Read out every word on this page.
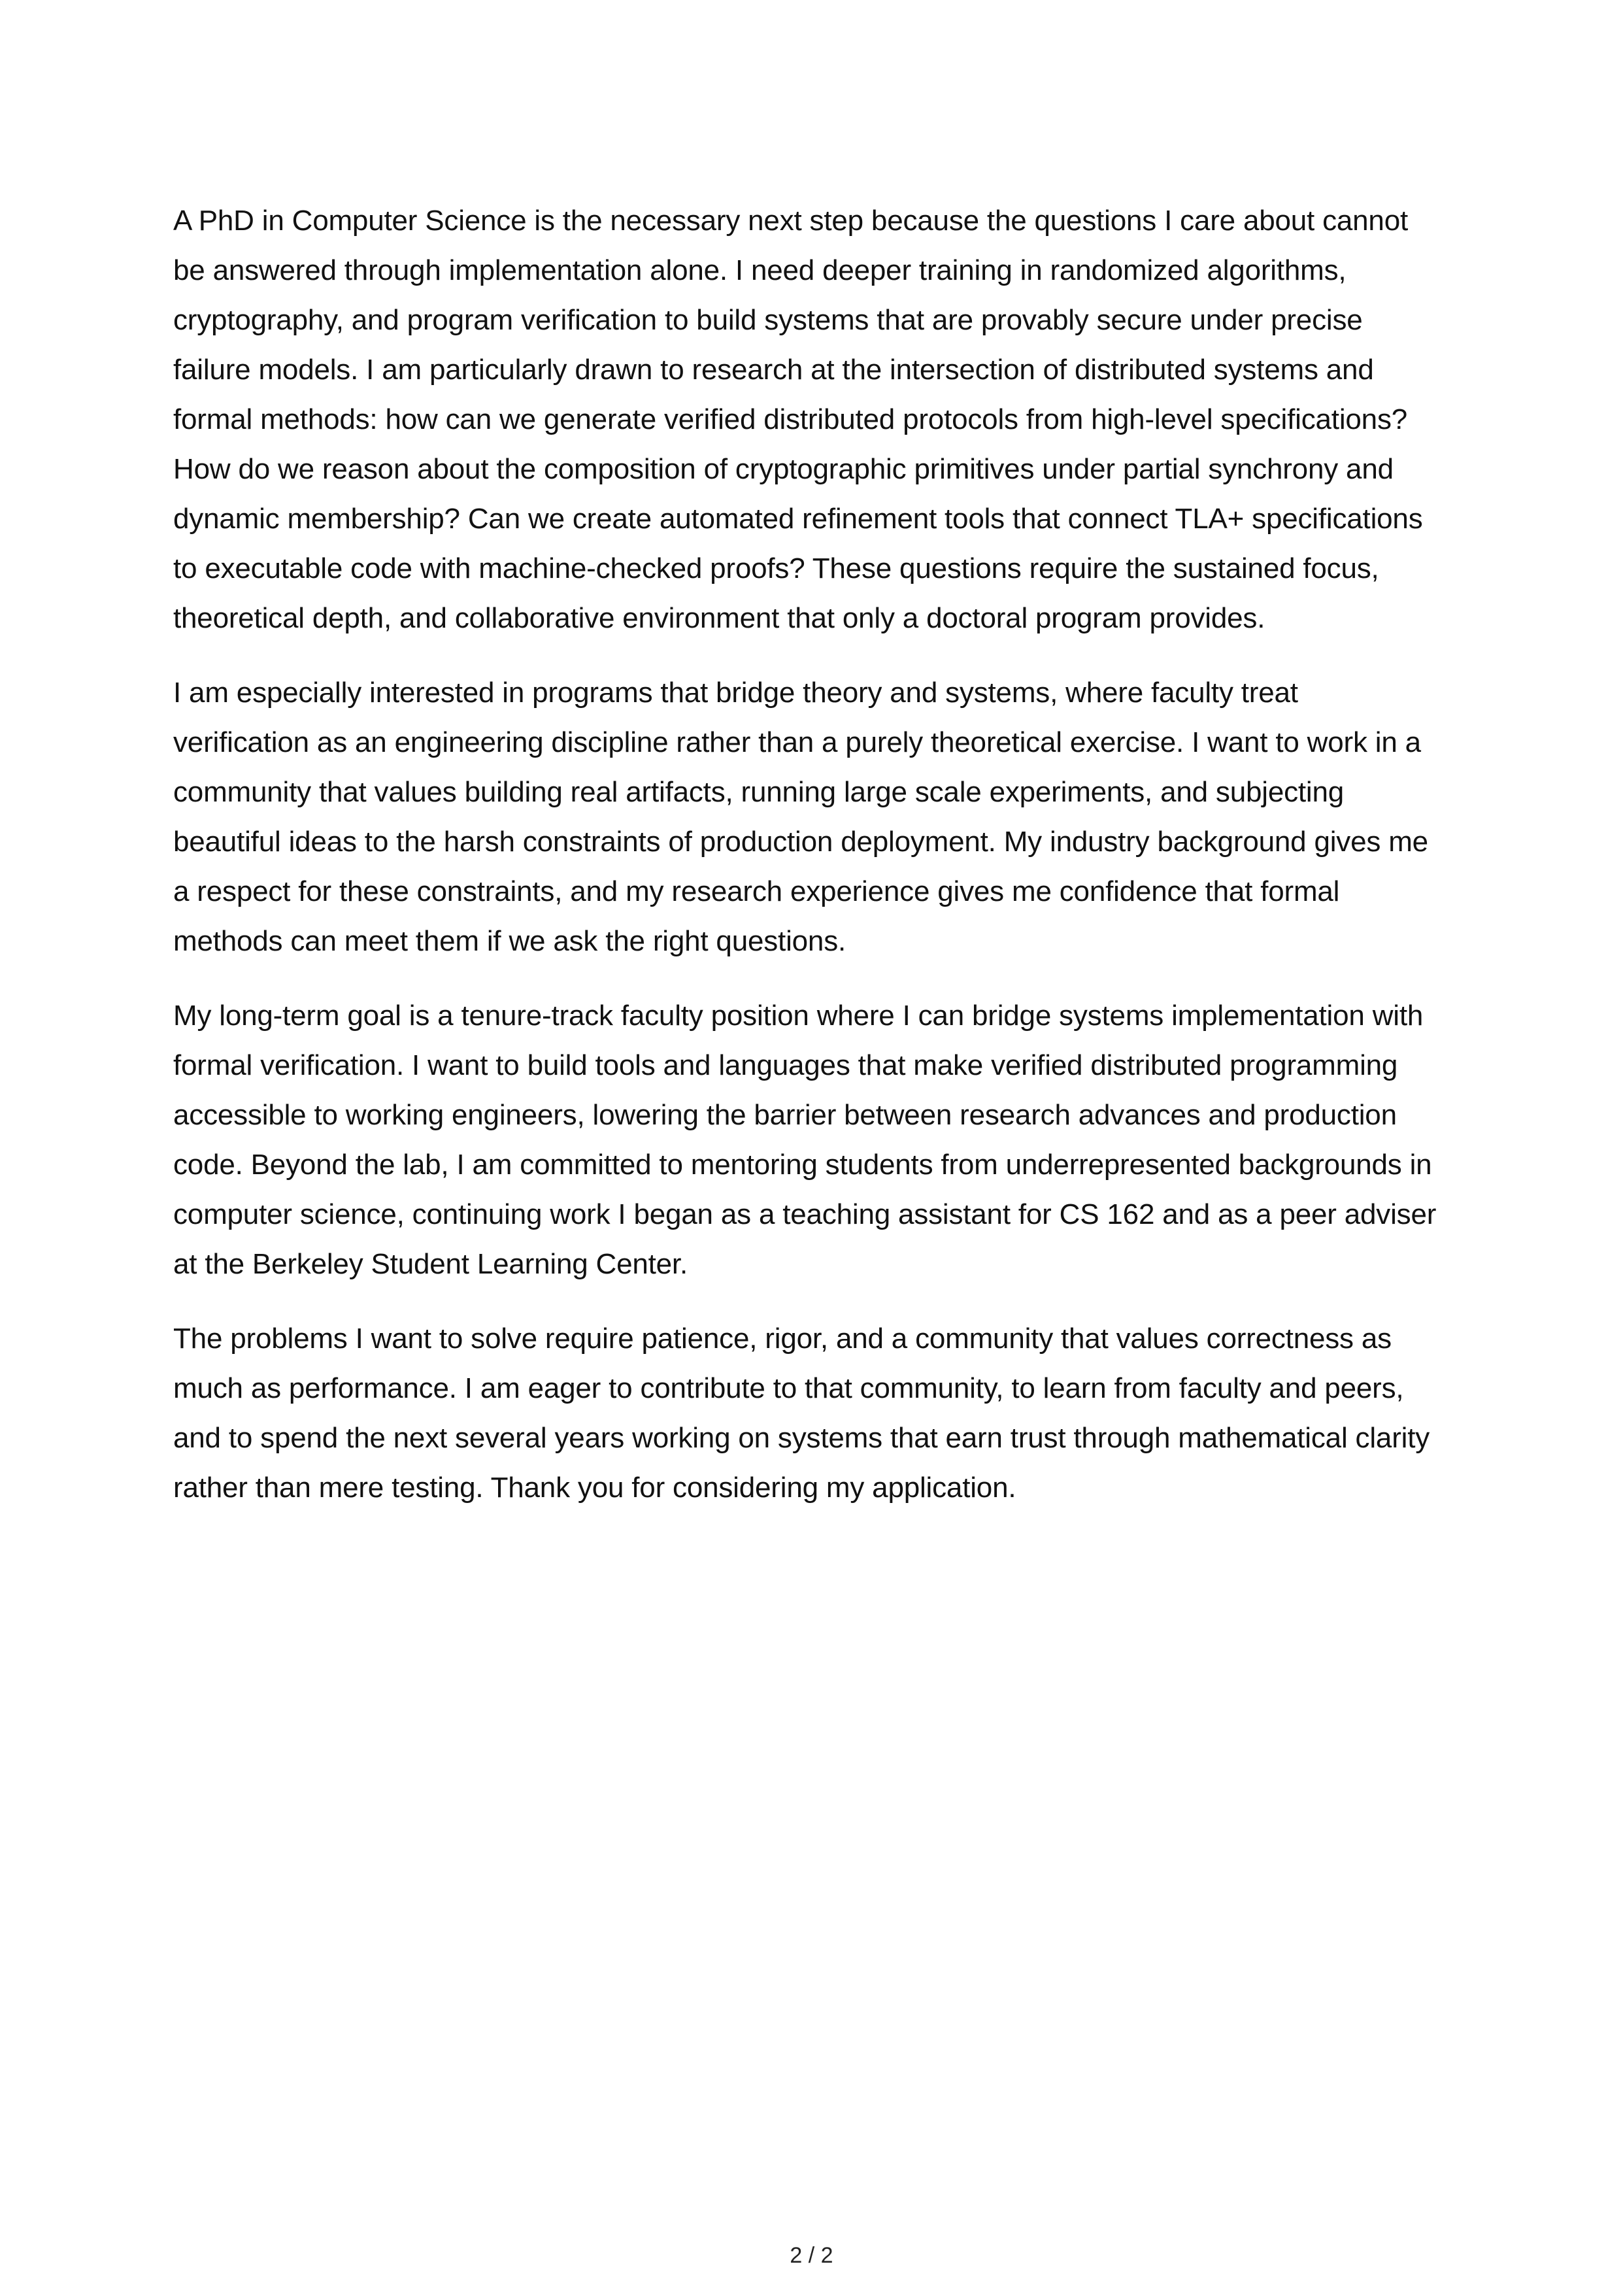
A PhD in Computer Science is the necessary next step because the questions I care about cannot
be answered through implementation alone. I need deeper training in randomized algorithms,
cryptography, and program verification to build systems that are provably secure under precise
failure models. I am particularly drawn to research at the intersection of distributed systems and
formal methods: how can we generate verified distributed protocols from high-level specifications?
How do we reason about the composition of cryptographic primitives under partial synchrony and
dynamic membership? Can we create automated refinement tools that connect TLA+ specifications
to executable code with machine-checked proofs? These questions require the sustained focus,
theoretical depth, and collaborative environment that only a doctoral program provides.

I am especially interested in programs that bridge theory and systems, where faculty treat
verification as an engineering discipline rather than a purely theoretical exercise. I want to work in a
community that values building real artifacts, running large scale experiments, and subjecting
beautiful ideas to the harsh constraints of production deployment. My industry background gives me
a respect for these constraints, and my research experience gives me confidence that formal
methods can meet them if we ask the right questions.

My long-term goal is a tenure-track faculty position where I can bridge systems implementation with
formal verification. I want to build tools and languages that make verified distributed programming
accessible to working engineers, lowering the barrier between research advances and production
code. Beyond the lab, I am committed to mentoring students from underrepresented backgrounds in
computer science, continuing work I began as a teaching assistant for CS 162 and as a peer adviser
at the Berkeley Student Learning Center.

The problems I want to solve require patience, rigor, and a community that values correctness as
much as performance. I am eager to contribute to that community, to learn from faculty and peers,
and to spend the next several years working on systems that earn trust through mathematical clarity
rather than mere testing. Thank you for considering my application.

2 / 2
